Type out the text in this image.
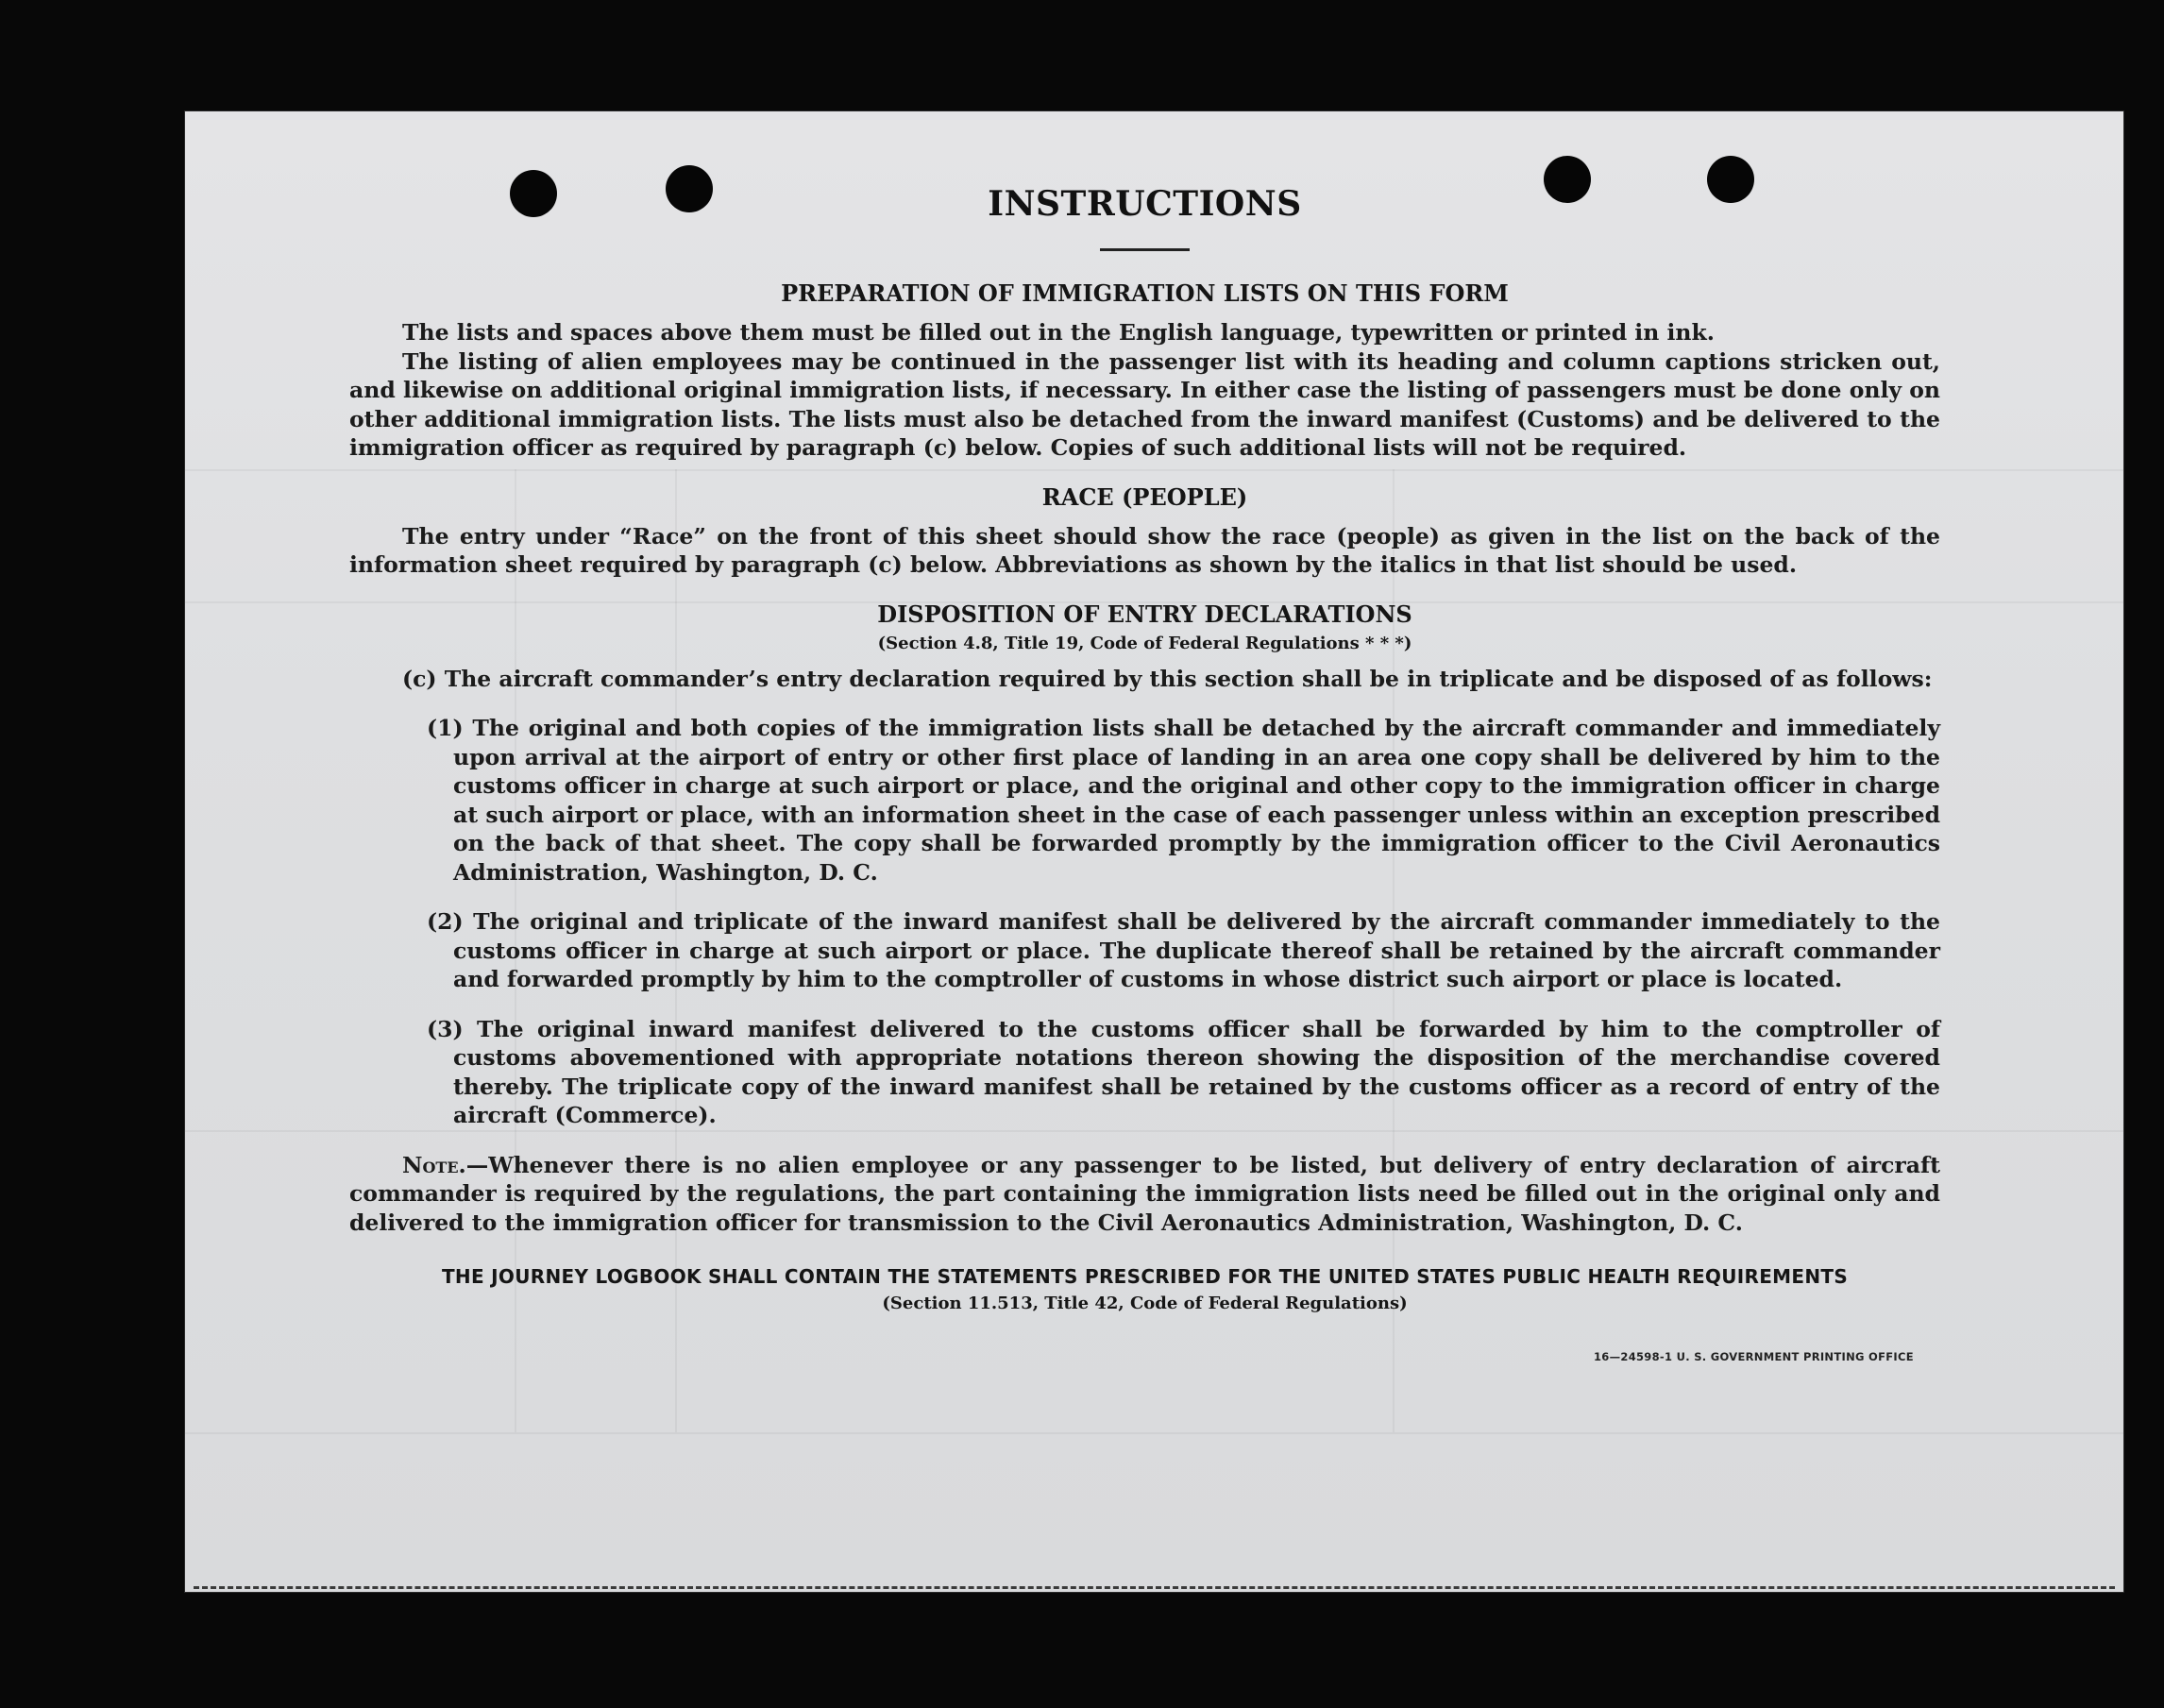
INSTRUCTIONS
PREPARATION OF IMMIGRATION LISTS ON THIS FORM

The lists and spaces above them must be filled out in the English language, typewritten or printed in ink.

The listing of alien employees may be continued in the passenger list with its heading and column captions stricken out, and likewise on additional original immigration lists, if necessary. In either case the listing of passengers must be done only on other additional immigration lists. The lists must also be detached from the inward manifest (Customs) and be delivered to the immigration officer as required by paragraph (c) below. Copies of such additional lists will not be required.

RACE (PEOPLE)

The entry under “Race” on the front of this sheet should show the race (people) as given in the list on the back of the information sheet required by paragraph (c) below. Abbreviations as shown by the italics in that list should be used.

DISPOSITION OF ENTRY DECLARATIONS
(Section 4.8, Title 19, Code of Federal Regulations * * *)

(c) The aircraft commander’s entry declaration required by this section shall be in triplicate and be disposed of as follows:

(1) The original and both copies of the immigration lists shall be detached by the aircraft commander and immediately upon arrival at the airport of entry or other first place of landing in an area one copy shall be delivered by him to the customs officer in charge at such airport or place, and the original and other copy to the immigration officer in charge at such airport or place, with an information sheet in the case of each passenger unless within an exception prescribed on the back of that sheet. The copy shall be forwarded promptly by the immigration officer to the Civil Aeronautics Administration, Washington, D. C.

(2) The original and triplicate of the inward manifest shall be delivered by the aircraft commander immediately to the customs officer in charge at such airport or place. The duplicate thereof shall be retained by the aircraft commander and forwarded promptly by him to the comptroller of customs in whose district such airport or place is located.

(3) The original inward manifest delivered to the customs officer shall be forwarded by him to the comptroller of customs abovementioned with appropriate notations thereon showing the disposition of the merchandise covered thereby. The triplicate copy of the inward manifest shall be retained by the customs officer as a record of entry of the aircraft (Commerce).

Note.—Whenever there is no alien employee or any passenger to be listed, but delivery of entry declaration of aircraft commander is required by the regulations, the part containing the immigration lists need be filled out in the original only and delivered to the immigration officer for transmission to the Civil Aeronautics Administration, Washington, D. C.

THE JOURNEY LOGBOOK SHALL CONTAIN THE STATEMENTS PRESCRIBED FOR THE UNITED STATES PUBLIC HEALTH REQUIREMENTS
(Section 11.513, Title 42, Code of Federal Regulations)
16—24598‑1 U. S. GOVERNMENT PRINTING OFFICE
